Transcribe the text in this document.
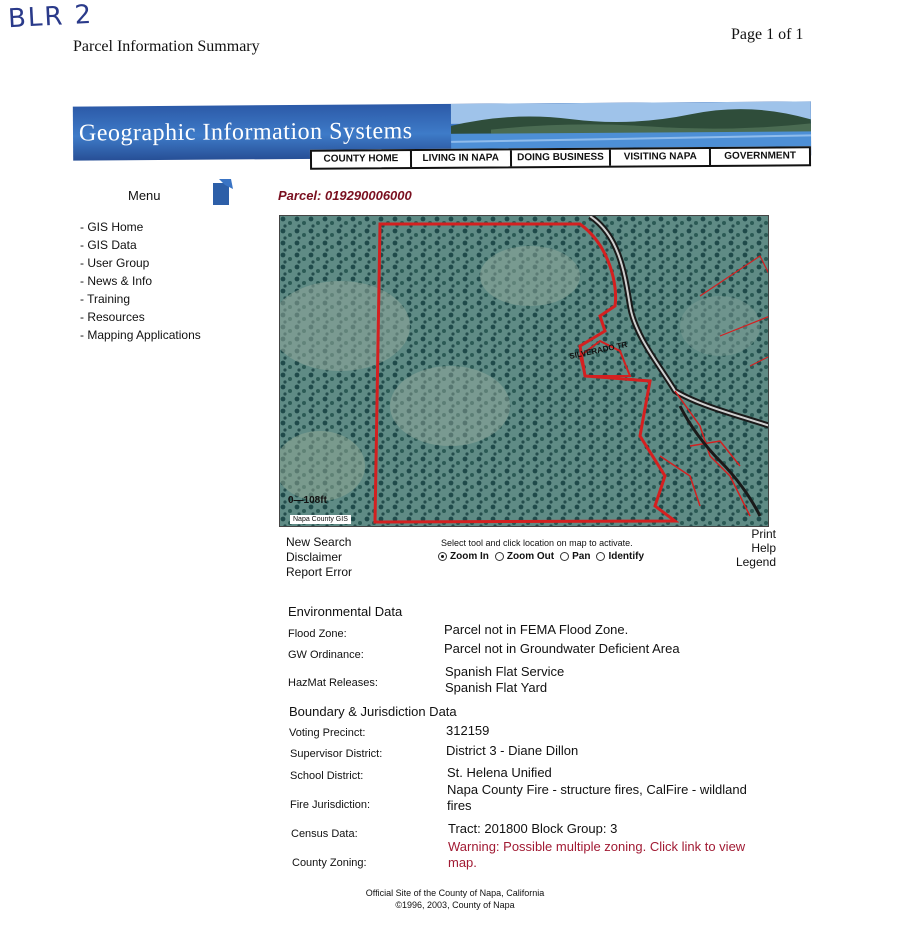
BLR 2
Parcel Information Summary
Page 1 of 1
Geographic Information Systems
COUNTY HOME	LIVING IN NAPA	DOING BUSINESS	VISITING NAPA	GOVERNMENT
Menu
- GIS Home
- GIS Data
- User Group
- News & Info
- Training
- Resources
- Mapping Applications
Parcel: 019290006000
SILVERADO TR
0—108ft
Napa County GIS
New Search
Disclaimer
Report Error
Select tool and click location on map to activate.
Zoom In Zoom Out Pan Identify
Print
Help
Legend
Environmental Data
Flood Zone:	Parcel not in FEMA Flood Zone.
GW Ordinance:	Parcel not in Groundwater Deficient Area
HazMat Releases:
Spanish Flat Service
Spanish Flat Yard
Boundary & Jurisdiction Data
Voting Precinct:	312159
Supervisor District:	District 3 - Diane Dillon
School District:	St. Helena Unified
Fire Jurisdiction:
Napa County Fire - structure fires, CalFire - wildland fires
Census Data:	Tract: 201800 Block Group: 3
County Zoning:
Warning: Possible multiple zoning. Click link to view map.
Official Site of the County of Napa, California
©1996, 2003, County of Napa
